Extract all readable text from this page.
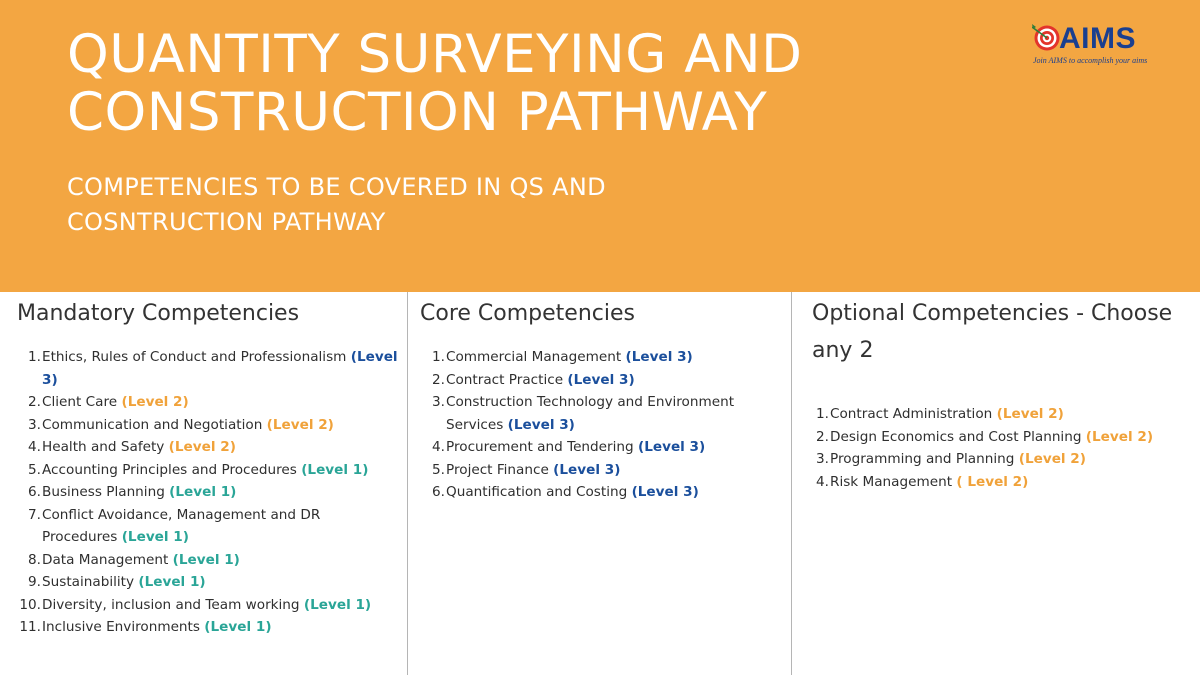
QUANTITY SURVEYING AND CONSTRUCTION PATHWAY
COMPETENCIES TO BE COVERED IN QS AND COSNTRUCTION PATHWAY
AIMS
Join AIMS to accomplish your aims
Mandatory Competencies
1. Ethics, Rules of Conduct and Professionalism (Level 3)
2. Client Care (Level 2)
3. Communication and Negotiation (Level 2)
4. Health and Safety (Level 2)
5. Accounting Principles and Procedures (Level 1)
6. Business Planning (Level 1)
7. Conflict Avoidance, Management and DR Procedures (Level 1)
8. Data Management (Level 1)
9. Sustainability (Level 1)
10. Diversity, inclusion and Team working (Level 1)
11. Inclusive Environments (Level 1)
Core Competencies
1. Commercial Management (Level 3)
2. Contract Practice (Level 3)
3. Construction Technology and Environment Services (Level 3)
4. Procurement and Tendering (Level 3)
5. Project Finance (Level 3)
6. Quantification and Costing (Level 3)
Optional Competencies - Choose any 2
1. Contract Administration (Level 2)
2. Design Economics and Cost Planning (Level 2)
3. Programming and Planning (Level 2)
4. Risk Management ( Level 2)
